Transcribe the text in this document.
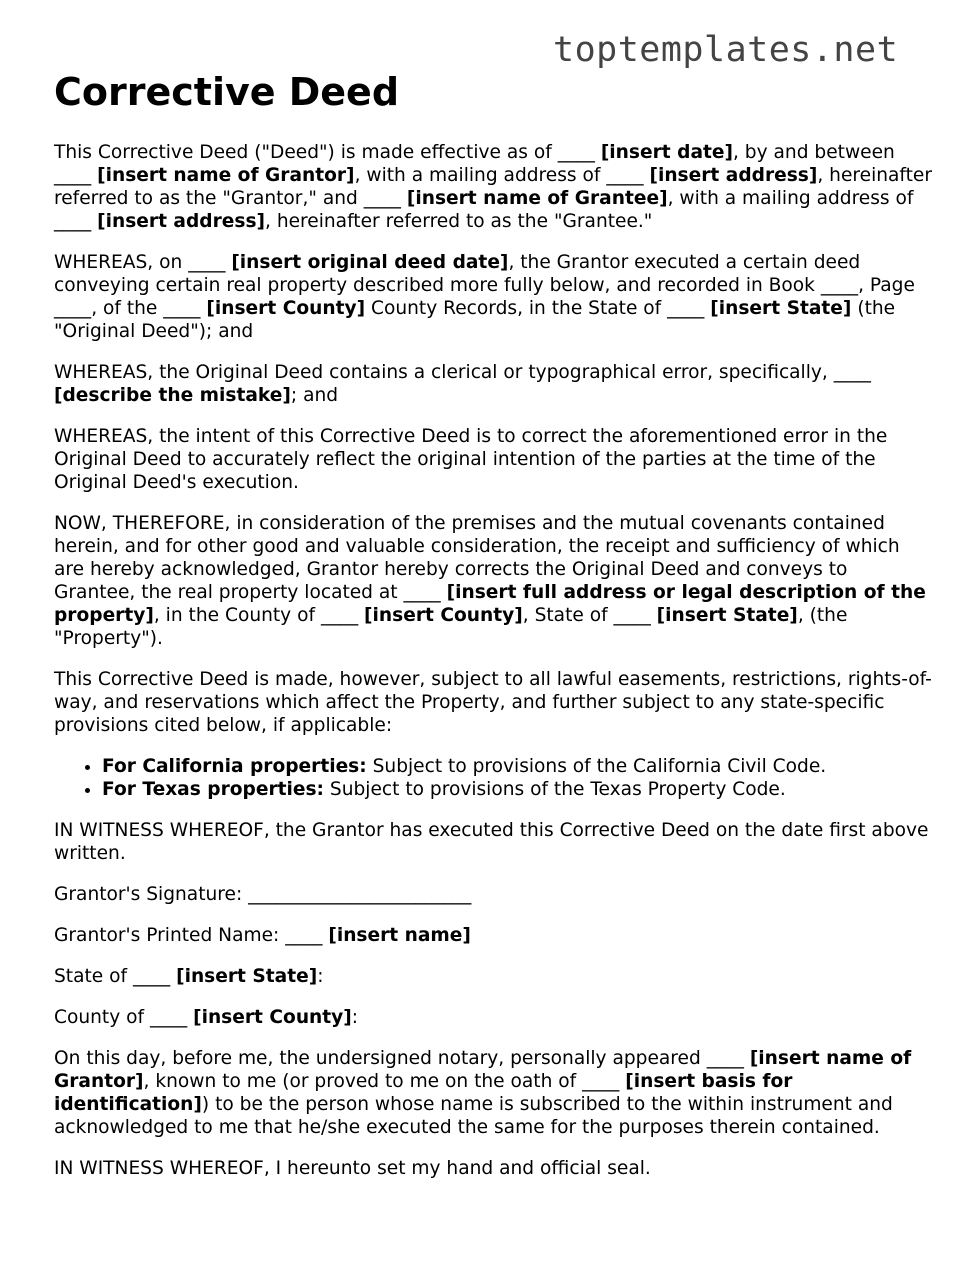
toptemplates.net
Corrective Deed

This Corrective Deed ("Deed") is made effective as of ____ [insert date], by and between ____ [insert name of Grantor], with a mailing address of ____ [insert address], hereinafter referred to as the "Grantor," and ____ [insert name of Grantee], with a mailing address of ____ [insert address], hereinafter referred to as the "Grantee."

WHEREAS, on ____ [insert original deed date], the Grantor executed a certain deed conveying certain real property described more fully below, and recorded in Book ____, Page ____, of the ____ [insert County] County Records, in the State of ____ [insert State] (the "Original Deed"); and

WHEREAS, the Original Deed contains a clerical or typographical error, specifically, ____ [describe the mistake]; and

WHEREAS, the intent of this Corrective Deed is to correct the aforementioned error in the Original Deed to accurately reflect the original intention of the parties at the time of the Original Deed's execution.

NOW, THEREFORE, in consideration of the premises and the mutual covenants contained herein, and for other good and valuable consideration, the receipt and sufficiency of which are hereby acknowledged, Grantor hereby corrects the Original Deed and conveys to Grantee, the real property located at ____ [insert full address or legal description of the property], in the County of ____ [insert County], State of ____ [insert State], (the "Property").

This Corrective Deed is made, however, subject to all lawful easements, restrictions, rights-of-way, and reservations which affect the Property, and further subject to any state-specific provisions cited below, if applicable:

• For California properties: Subject to provisions of the California Civil Code.
• For Texas properties: Subject to provisions of the Texas Property Code.

IN WITNESS WHEREOF, the Grantor has executed this Corrective Deed on the date first above written.

Grantor's Signature: ________________________

Grantor's Printed Name: ____ [insert name]

State of ____ [insert State]:

County of ____ [insert County]:

On this day, before me, the undersigned notary, personally appeared ____ [insert name of Grantor], known to me (or proved to me on the oath of ____ [insert basis for identification]) to be the person whose name is subscribed to the within instrument and acknowledged to me that he/she executed the same for the purposes therein contained.

IN WITNESS WHEREOF, I hereunto set my hand and official seal.
